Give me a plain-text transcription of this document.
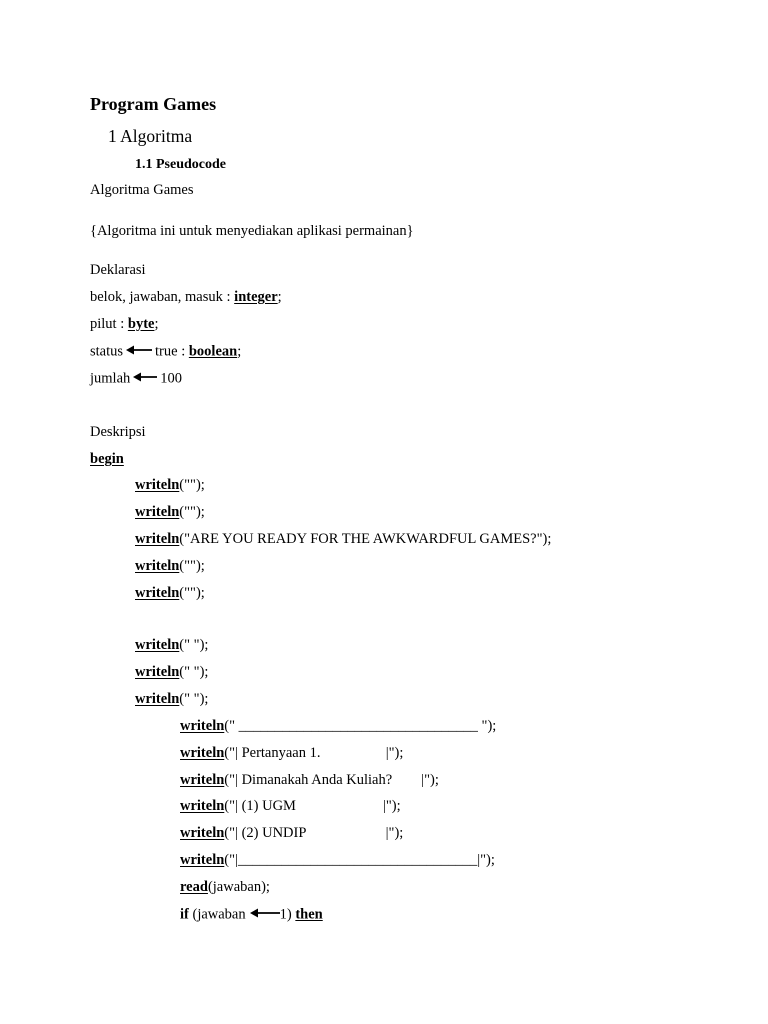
Program Games
1 Algoritma
1.1 Pseudocode
Algoritma Games
{Algoritma ini untuk menyediakan aplikasi permainan}
Deklarasi
belok, jawaban, masuk : integer;
pilut : byte;
status true : boolean;
jumlah 100
Deskripsi
begin
writeln("");
writeln("");
writeln("ARE YOU READY FOR THE AWKWARDFUL GAMES?");
writeln("");
writeln("");
writeln(" ");
writeln(" ");
writeln(" ");
writeln(" _________________________________ ");
writeln("| Pertanyaan 1.                  |");
writeln("| Dimanakah Anda Kuliah?        |");
writeln("| (1) UGM                        |");
writeln("| (2) UNDIP                      |");
writeln("|_________________________________|");
read(jawaban);
if (jawaban 1) then
